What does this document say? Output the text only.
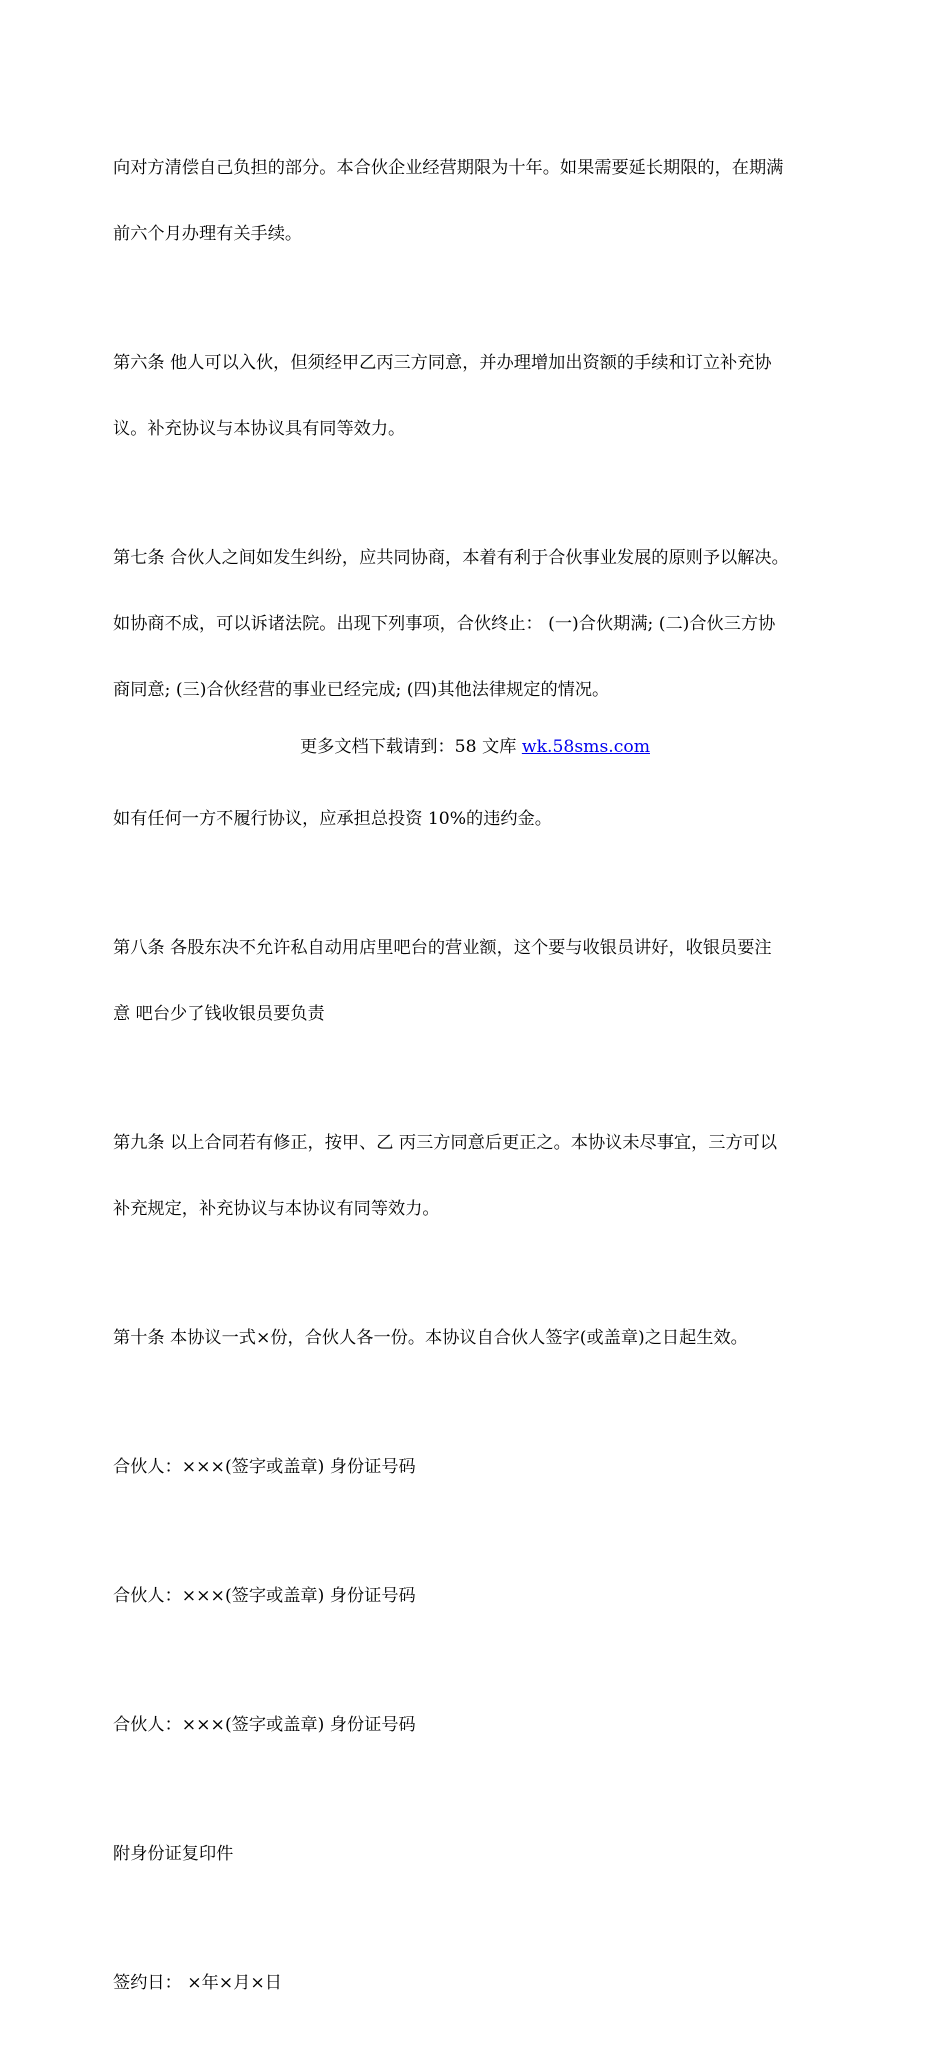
向对方清偿自己负担的部分。本合伙企业经营期限为十年。如果需要延长期限的，在期满

前六个月办理有关手续。

第六条 他人可以入伙，但须经甲乙丙三方同意，并办理增加出资额的手续和订立补充协

议。补充协议与本协议具有同等效力。

第七条 合伙人之间如发生纠纷，应共同协商，本着有利于合伙事业发展的原则予以解决。

如协商不成，可以诉诸法院。出现下列事项，合伙终止： (一)合伙期满; (二)合伙三方协

商同意; (三)合伙经营的事业已经完成; (四)其他法律规定的情况。

如有任何一方不履行协议，应承担总投资 10%的违约金。

第八条 各股东决不允许私自动用店里吧台的营业额，这个要与收银员讲好，收银员要注

意 吧台少了钱收银员要负责

第九条 以上合同若有修正，按甲、乙 丙三方同意后更正之。本协议未尽事宜，三方可以

补充规定，补充协议与本协议有同等效力。

第十条 本协议一式×份，合伙人各一份。本协议自合伙人签字(或盖章)之日起生效。

合伙人：×××(签字或盖章) 身份证号码

合伙人：×××(签字或盖章) 身份证号码

合伙人：×××(签字或盖章) 身份证号码

附身份证复印件

签约日： ×年×月×日

更多文档下载请到：58 文库 wk.58sms.com
